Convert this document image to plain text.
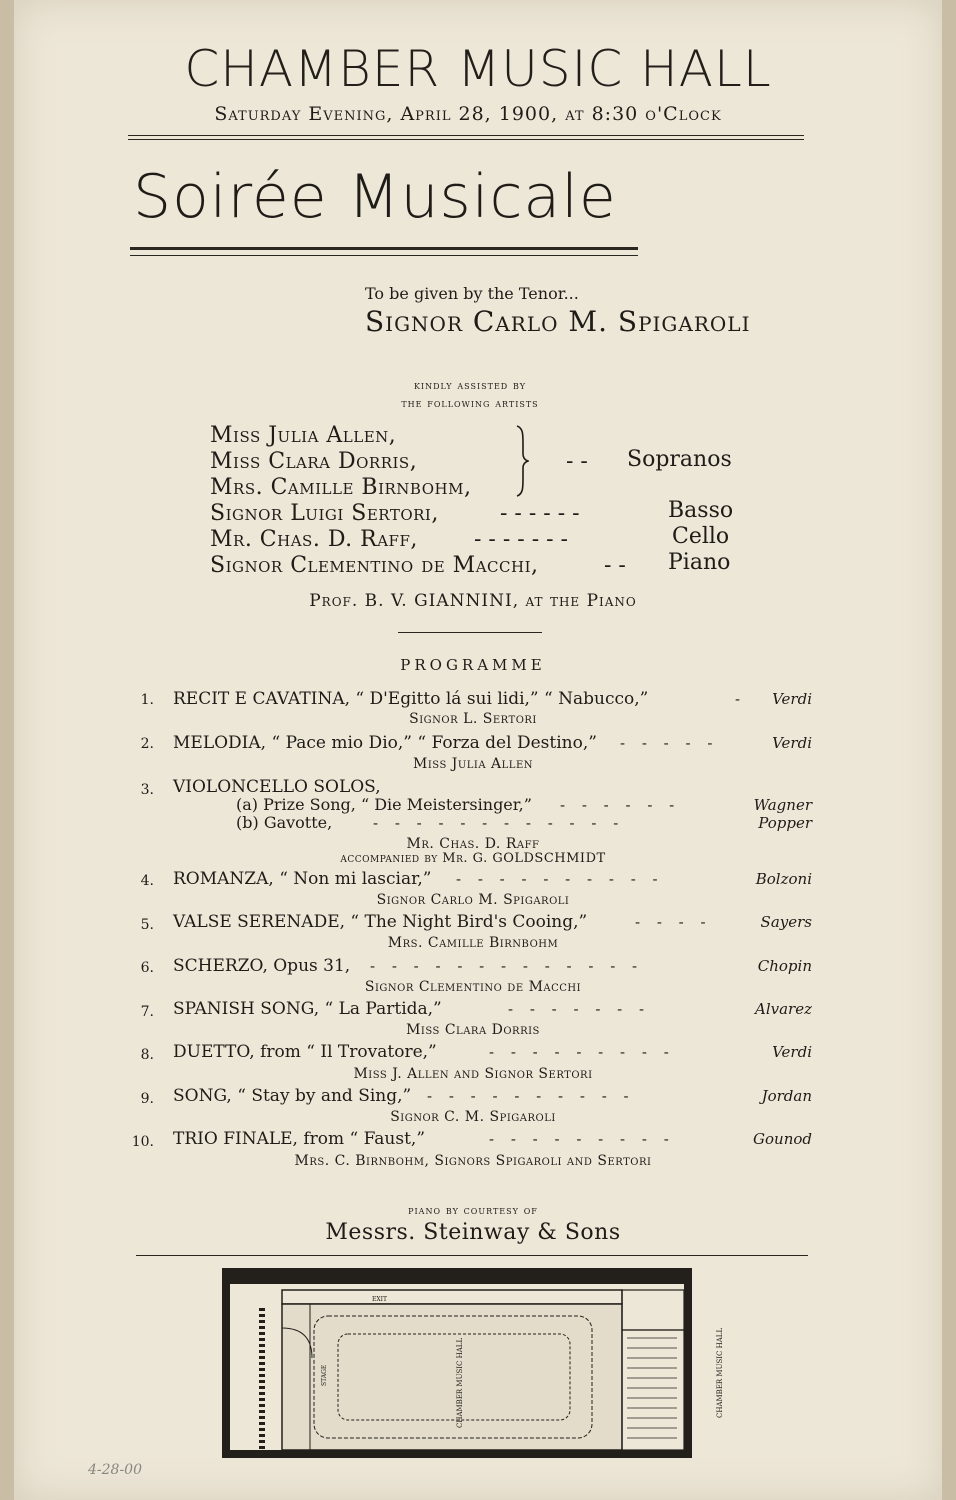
CHAMBER MUSIC HALL
Saturday Evening, April 28, 1900, at 8:30 o'Clock
Soirée Musicale
To be given by the Tenor...
Signor Carlo M. Spigaroli
kindly assisted by
the following artists
Miss Julia Allen,
Miss Clara Dorris,
Mrs. Camille Birnbohm,
- - Sopranos
Signor Luigi Sertori,	- - - - - -	Basso
Mr. Chas. D. Raff,	- - - - - - -	Cello
Signor Clementino de Macchi,	- - Piano
Prof. B. V. GIANNINI, at the Piano
PROGRAMME
1. RECIT E CAVATINA, “ D'Egitto lá sui lidi,” “ Nabucco,”	- Verdi
Signor L. Sertori
2. MELODIA, “ Pace mio Dio,” “ Forza del Destino,” - - - - -	Verdi
Miss Julia Allen
3. VIOLONCELLO SOLOS,
(a) Prize Song, “ Die Meistersinger,” - - - - - -	Wagner
(b) Gavotte,	- - - - - - - - - - - -	Popper
Mr. Chas. D. Raff
accompanied by Mr. G. GOLDSCHMIDT
4. ROMANZA, “ Non mi lasciar,” - - - - - - - - - -	Bolzoni
Signor Carlo M. Spigaroli
5. VALSE SERENADE, “ The Night Bird's Cooing,”	- - - -	Sayers
Mrs. Camille Birnbohm
6. SCHERZO, Opus 31, - - - - - - - - - - - - -	Chopin
Signor Clementino de Macchi
7. SPANISH SONG, “ La Partida,”	- - - - - - -	Alvarez
Miss Clara Dorris
8. DUETTO, from “ Il Trovatore,”	- - - - - - - - -	Verdi
Miss J. Allen and Signor Sertori
9. SONG, “ Stay by and Sing,” - - - - - - - - - -	Jordan
Signor C. M. Spigaroli
10. TRIO FINALE, from “ Faust,”	- - - - - - - - -	Gounod
Mrs. C. Birnbohm, Signors Spigaroli and Sertori
piano by courtesy of
Messrs. Steinway & Sons
EXIT
STAGE	CHAMBER MUSIC HALL	CHAMBER MUSIC HALL
4-28-00
